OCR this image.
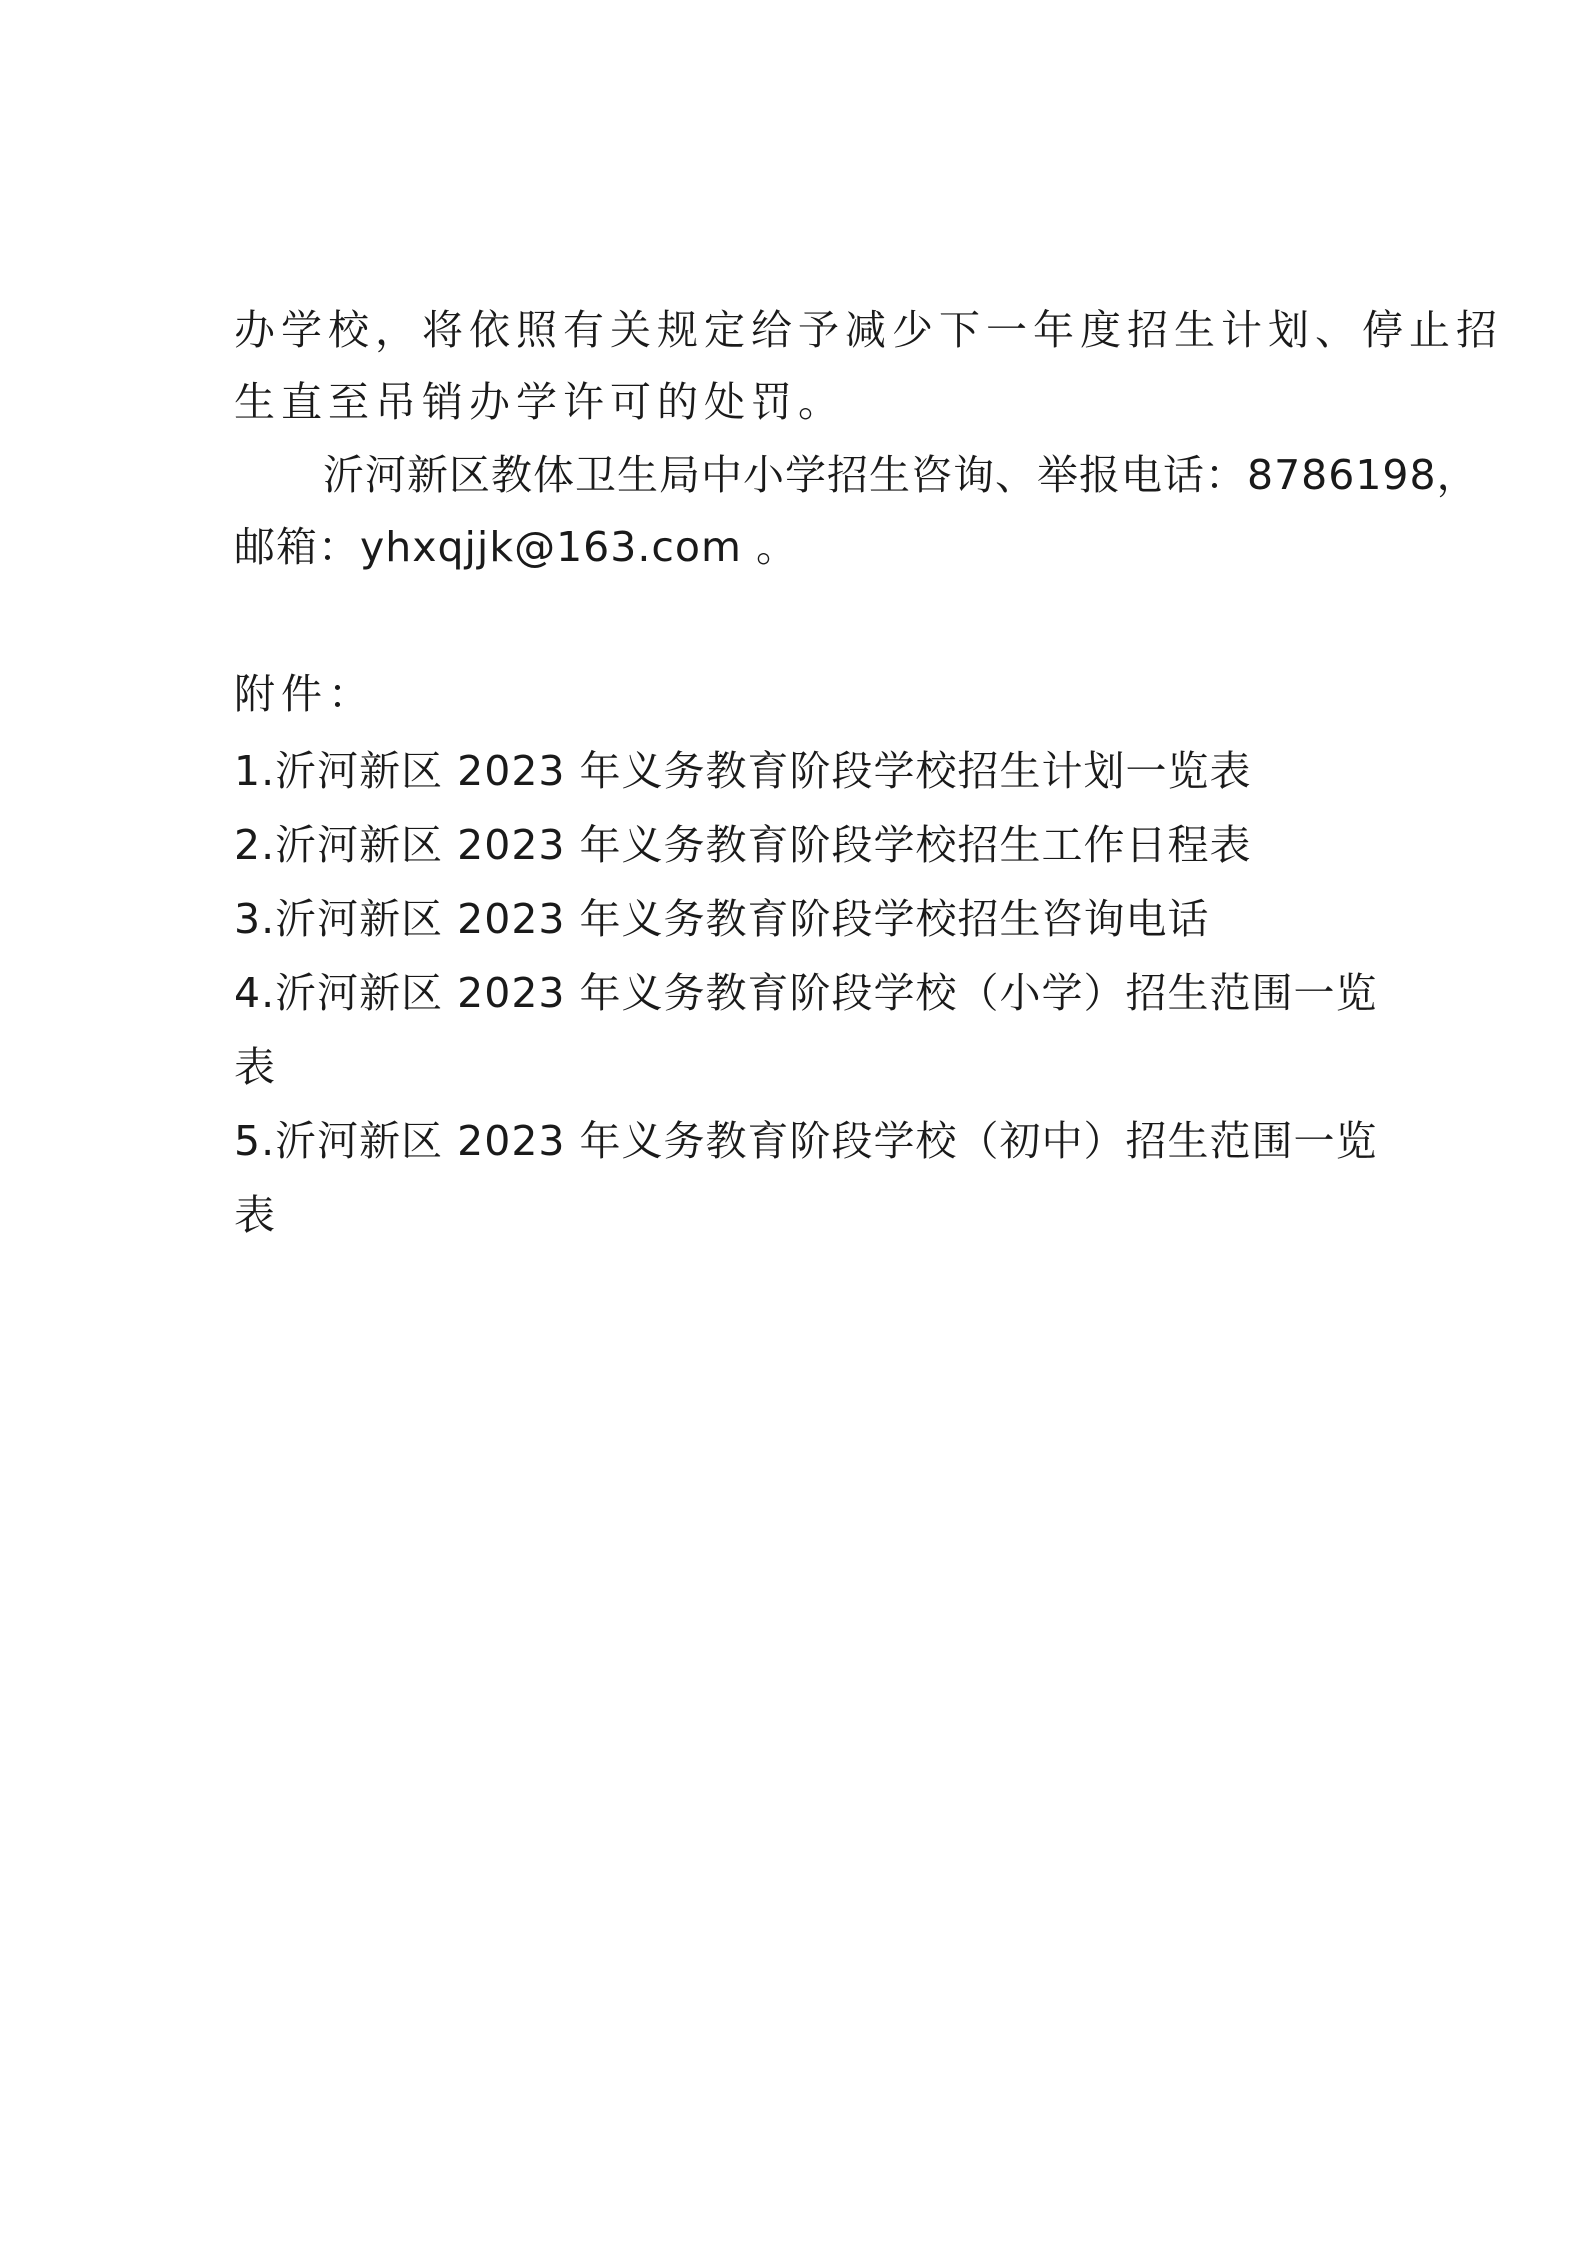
办学校，将依照有关规定给予减少下一年度招生计划、停止招
生直至吊销办学许可的处罚。
沂河新区教体卫生局中小学招生咨询、举报电话：8786198，
邮箱：yhxqjjk@163.com 。
附件：
1.沂河新区 2023 年义务教育阶段学校招生计划一览表
2.沂河新区 2023 年义务教育阶段学校招生工作日程表
3.沂河新区 2023 年义务教育阶段学校招生咨询电话
4.沂河新区 2023 年义务教育阶段学校（小学）招生范围一览
表
5.沂河新区 2023 年义务教育阶段学校（初中）招生范围一览
表
